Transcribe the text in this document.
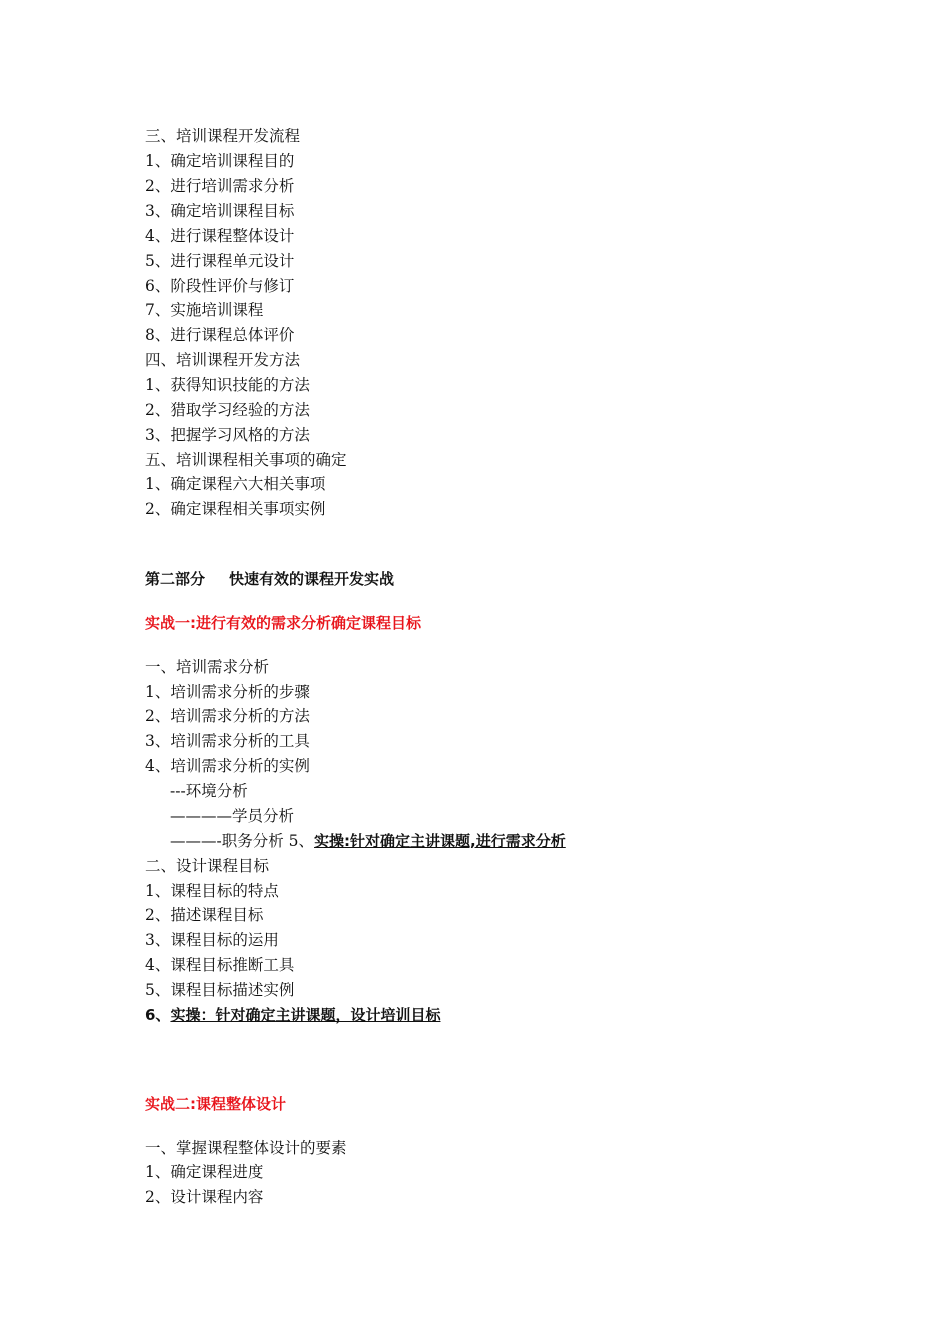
三、培训课程开发流程

1、确定培训课程目的

2、进行培训需求分析

3、确定培训课程目标

4、进行课程整体设计

5、进行课程单元设计

6、阶段性评价与修订

7、实施培训课程

8、进行课程总体评价

四、培训课程开发方法

1、获得知识技能的方法

2、猎取学习经验的方法

3、把握学习风格的方法

五、培训课程相关事项的确定

1、确定课程六大相关事项

2、确定课程相关事项实例

第二部分 快速有效的课程开发实战

实战一:进行有效的需求分析确定课程目标

一、培训需求分析

1、培训需求分析的步骤

2、培训需求分析的方法

3、培训需求分析的工具

4、培训需求分析的实例

---环境分析

————学员分析

———-职务分析 5、实操:针对确定主讲课题,进行需求分析

二、设计课程目标

1、课程目标的特点

2、描述课程目标

3、课程目标的运用

4、课程目标推断工具

5、课程目标描述实例

6、实操：针对确定主讲课题，设计培训目标

实战二:课程整体设计

一、掌握课程整体设计的要素

1、确定课程进度

2、设计课程内容
